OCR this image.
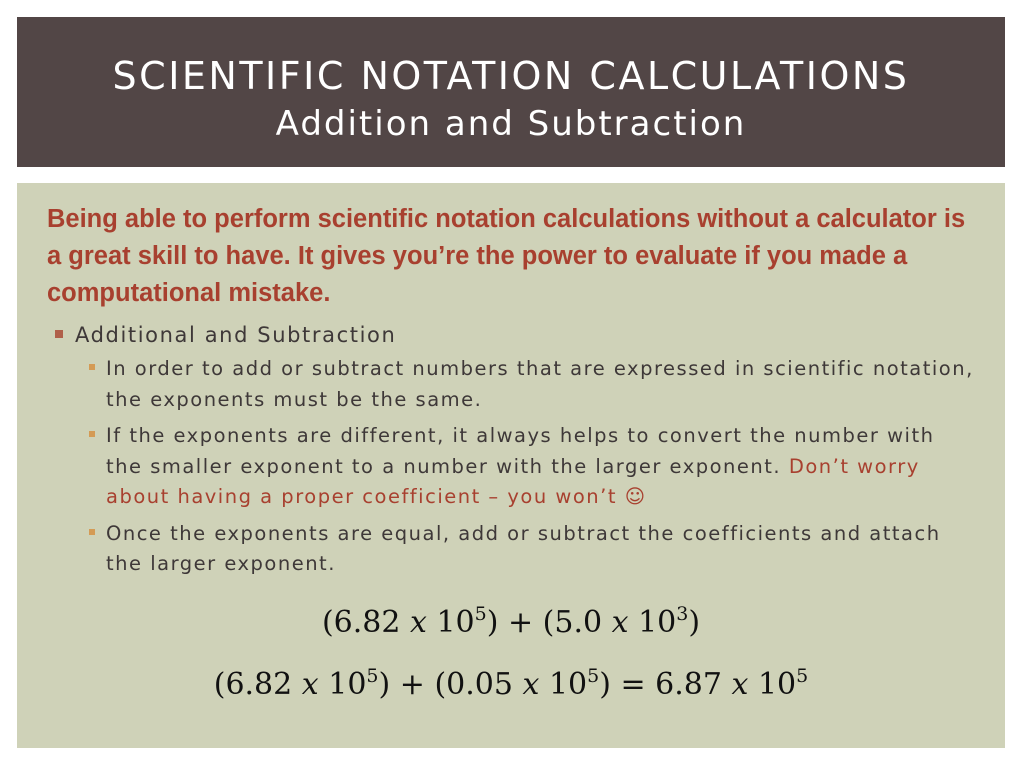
SCIENTIFIC NOTATION CALCULATIONS
Addition and Subtraction

Being able to perform scientific notation calculations without a calculator is a great skill to have. It gives you’re the power to evaluate if you made a computational mistake.

Additional and Subtraction
In order to add or subtract numbers that are expressed in scientific notation, the exponents must be the same.
If the exponents are different, it always helps to convert the number with the smaller exponent to a number with the larger exponent. Don’t worry about having a proper coefficient – you won’t ☺
Once the exponents are equal, add or subtract the coefficients and attach the larger exponent.
(6.82 x $10^5) + (5.0$ x $10^3$)
(6.82 x $10^5) + (0.05$ x $10^5) = 6.87$ x $10^5$
